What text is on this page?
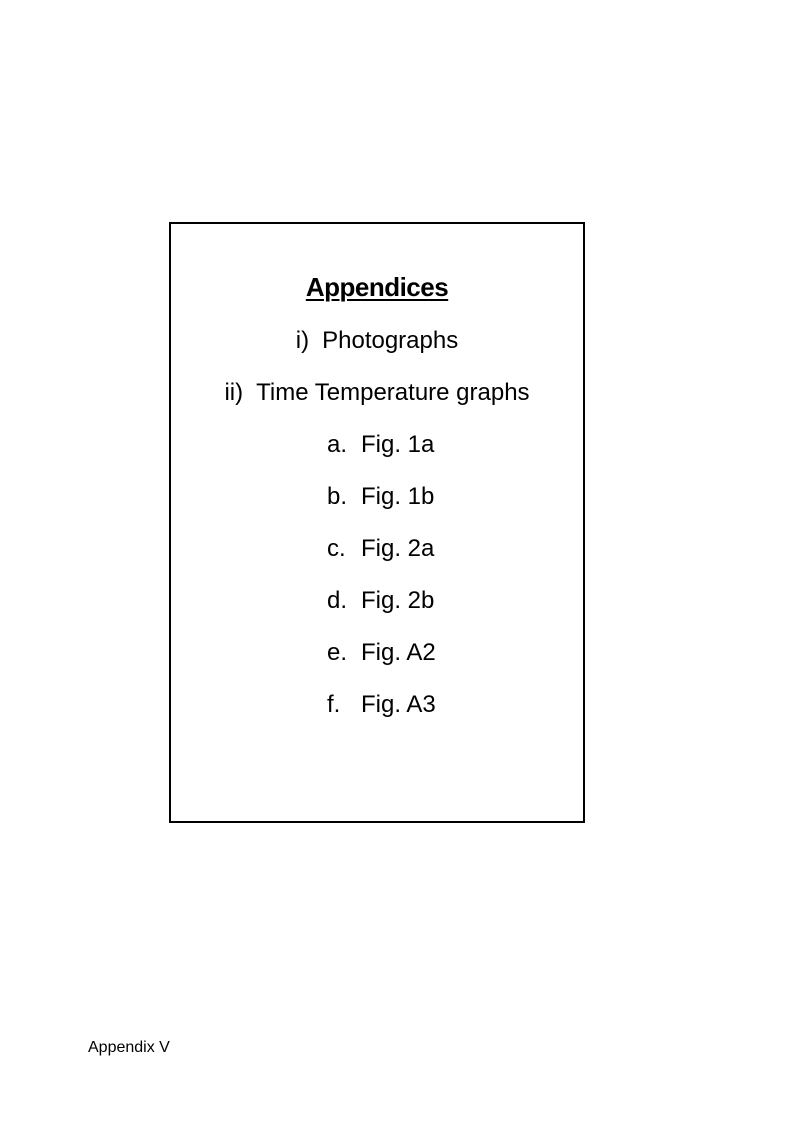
Appendices
i) Photographs
ii) Time Temperature graphs
a. Fig. 1a
b. Fig. 1b
c. Fig. 2a
d. Fig. 2b
e. Fig. A2
f. Fig. A3
Appendix V
